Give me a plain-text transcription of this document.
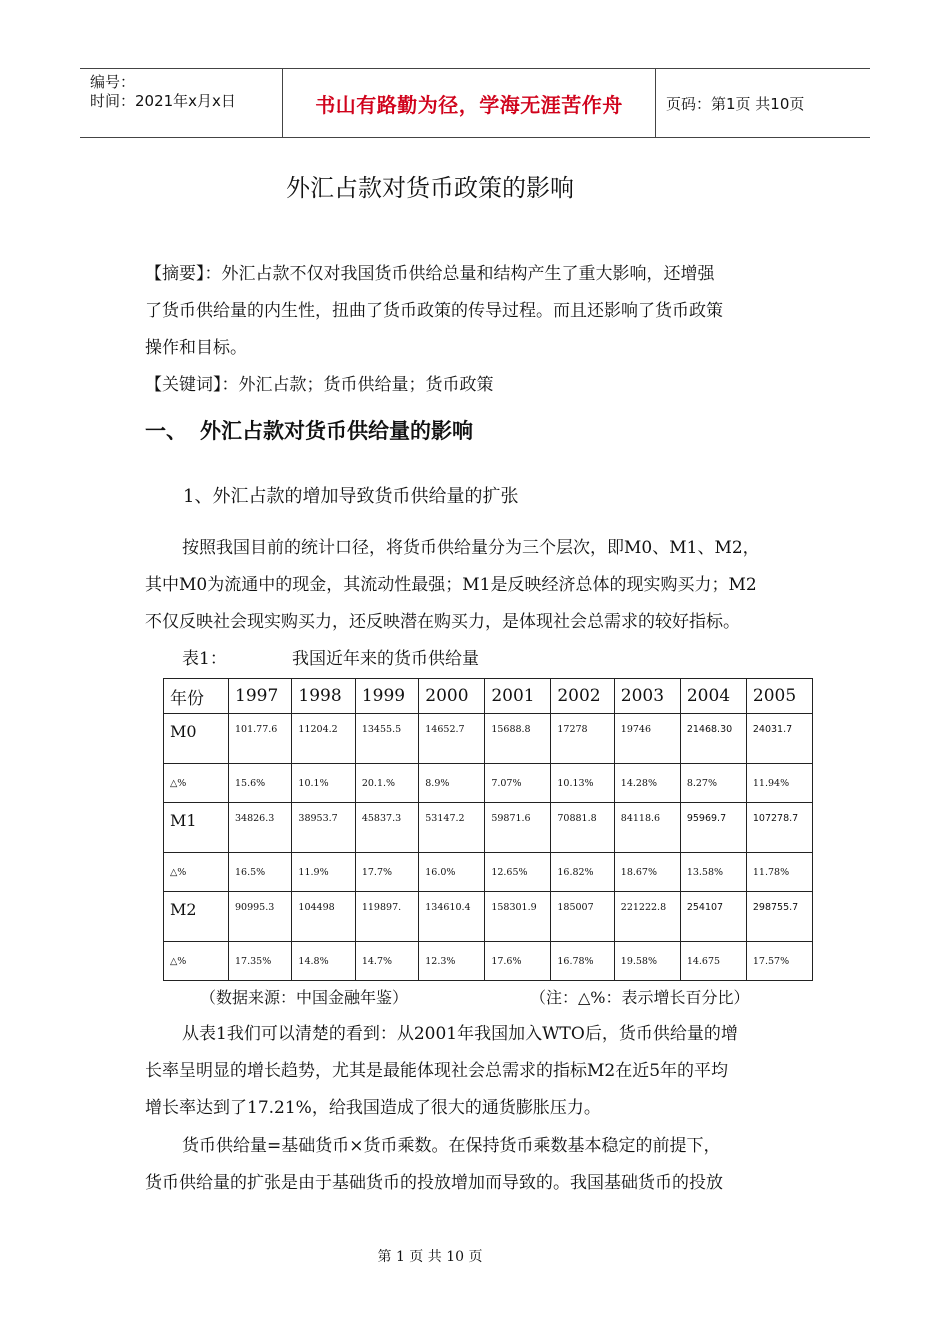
编号：
时间：2021年x月x日	书山有路勤为径，学海无涯苦作舟	页码：第1页 共10页
外汇占款对货币政策的影响
【摘要】：外汇占款不仅对我国货币供给总量和结构产生了重大影响，还增强
了货币供给量的内生性，扭曲了货币政策的传导过程。而且还影响了货币政策
操作和目标。
【关键词】：外汇占款；货币供给量；货币政策
一、 外汇占款对货币供给量的影响
1、外汇占款的增加导致货币供给量的扩张
按照我国目前的统计口径，将货币供给量分为三个层次，即M0、M1、M2，
其中M0为流通中的现金，其流动性最强；M1是反映经济总体的现实购买力；M2
不仅反映社会现实购买力，还反映潜在购买力，是体现社会总需求的较好指标。
表1：	我国近年来的货币供给量
年份	1997	1998	1999	2000	2001	2002	2003	2004	2005
M0	101.77.6	11204.2	13455.5	14652.7	15688.8	17278	19746	21468.30	24031.7
△%	15.6%	10.1%	20.1.%	8.9%	7.07%	10.13%	14.28%	8.27%	11.94%
M1	34826.3	38953.7	45837.3	53147.2	59871.6	70881.8	84118.6	95969.7	107278.7
△%	16.5%	11.9%	17.7%	16.0%	12.65%	16.82%	18.67%	13.58%	11.78%
M2	90995.3	104498	119897.	134610.4	158301.9	185007	221222.8	254107	298755.7
△%	17.35%	14.8%	14.7%	12.3%	17.6%	16.78%	19.58%	14.675	17.57%
（数据来源：中国金融年鉴）	（注：△%：表示增长百分比）
从表1我们可以清楚的看到：从2001年我国加入WTO后，货币供给量的增
长率呈明显的增长趋势，尤其是最能体现社会总需求的指标M2在近5年的平均
增长率达到了17.21%，给我国造成了很大的通货膨胀压力。
货币供给量=基础货币×货币乘数。在保持货币乘数基本稳定的前提下，
货币供给量的扩张是由于基础货币的投放增加而导致的。我国基础货币的投放
第 1 页 共 10 页
